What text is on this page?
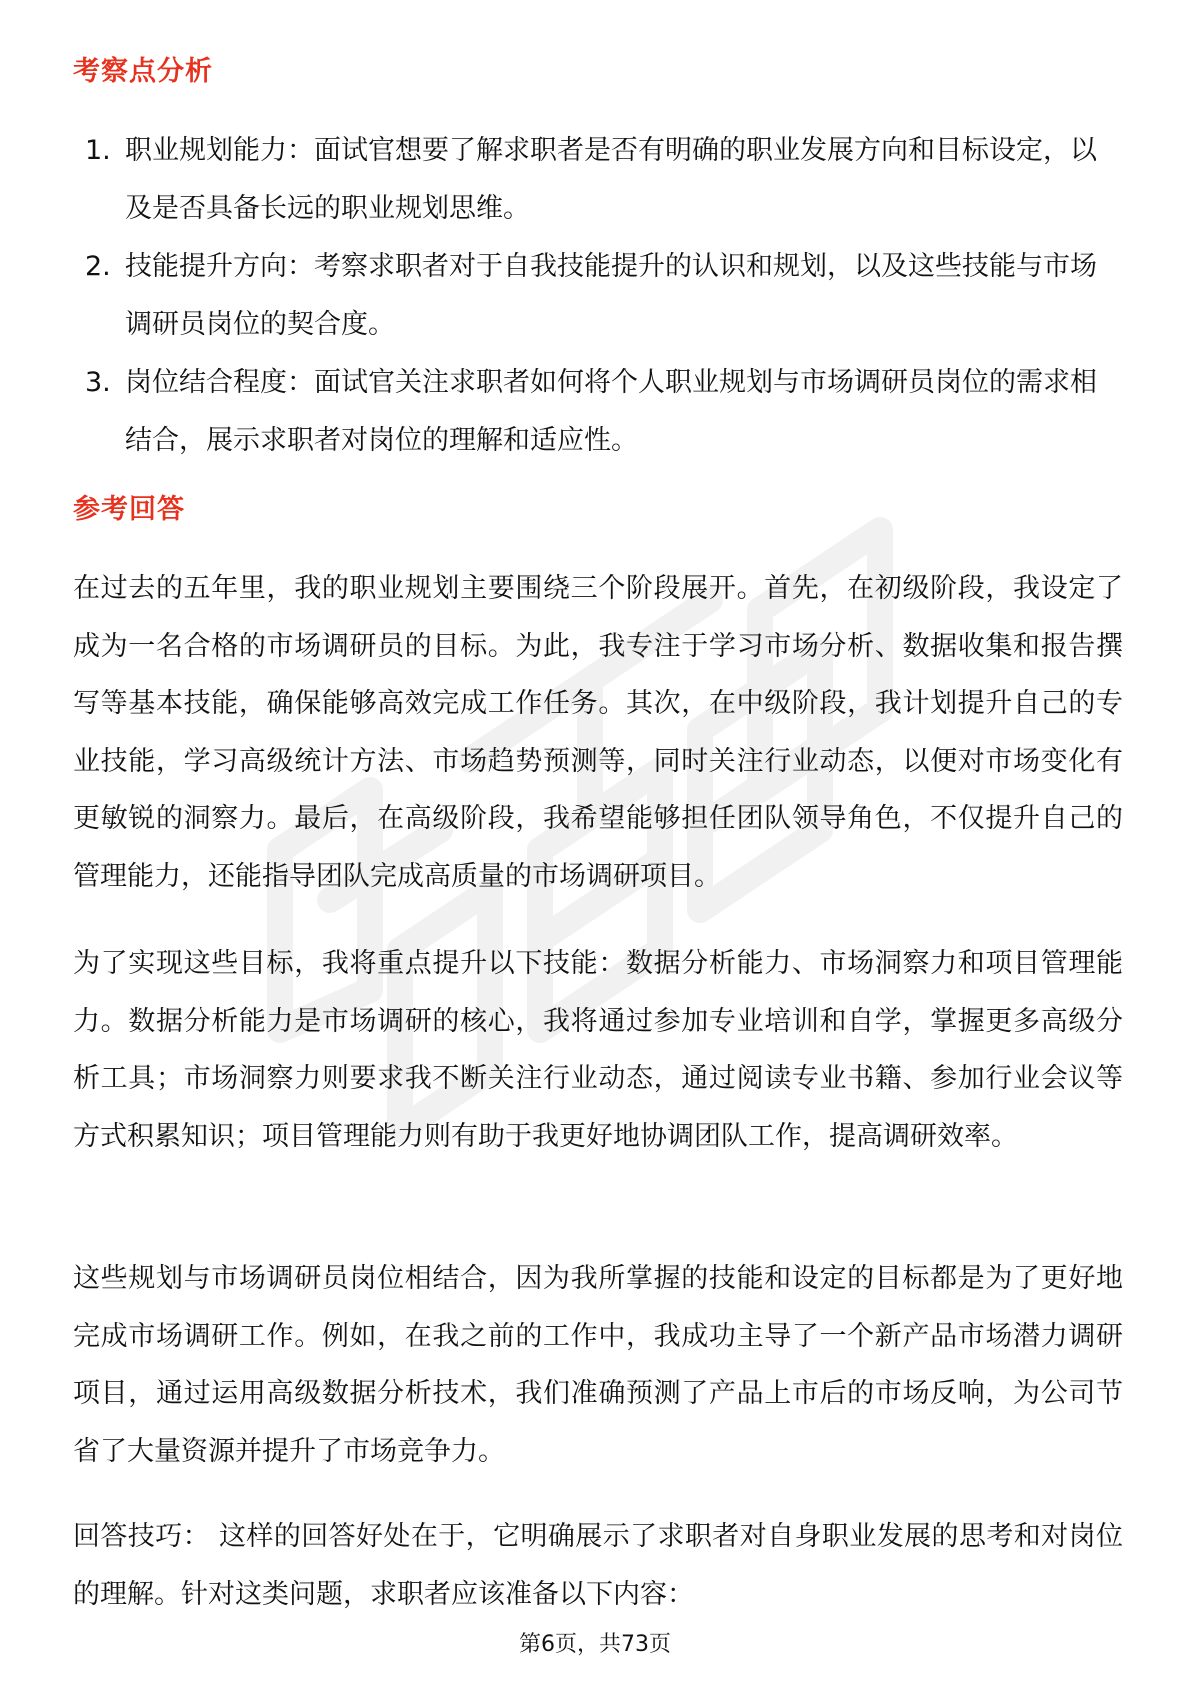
考察点分析
1. 职业规划能力：面试官想要了解求职者是否有明确的职业发展方向和目标设定，以及是否具备长远的职业规划思维。
2. 技能提升方向：考察求职者对于自我技能提升的认识和规划，以及这些技能与市场调研员岗位的契合度。
3. 岗位结合程度：面试官关注求职者如何将个人职业规划与市场调研员岗位的需求相结合，展示求职者对岗位的理解和适应性。
参考回答

在过去的五年里，我的职业规划主要围绕三个阶段展开。首先，在初级阶段，我设定了成为一名合格的市场调研员的目标。为此，我专注于学习市场分析、数据收集和报告撰写等基本技能，确保能够高效完成工作任务。其次，在中级阶段，我计划提升自己的专业技能，学习高级统计方法、市场趋势预测等，同时关注行业动态，以便对市场变化有更敏锐的洞察力。最后，在高级阶段，我希望能够担任团队领导角色，不仅提升自己的管理能力，还能指导团队完成高质量的市场调研项目。

为了实现这些目标，我将重点提升以下技能：数据分析能力、市场洞察力和项目管理能力。数据分析能力是市场调研的核心，我将通过参加专业培训和自学，掌握更多高级分析工具；市场洞察力则要求我不断关注行业动态，通过阅读专业书籍、参加行业会议等方式积累知识；项目管理能力则有助于我更好地协调团队工作，提高调研效率。

这些规划与市场调研员岗位相结合，因为我所掌握的技能和设定的目标都是为了更好地完成市场调研工作。例如，在我之前的工作中，我成功主导了一个新产品市场潜力调研项目，通过运用高级数据分析技术，我们准确预测了产品上市后的市场反响，为公司节省了大量资源并提升了市场竞争力。

回答技巧： 这样的回答好处在于，它明确展示了求职者对自身职业发展的思考和对岗位的理解。针对这类问题，求职者应该准备以下内容：

第6页，共73页
